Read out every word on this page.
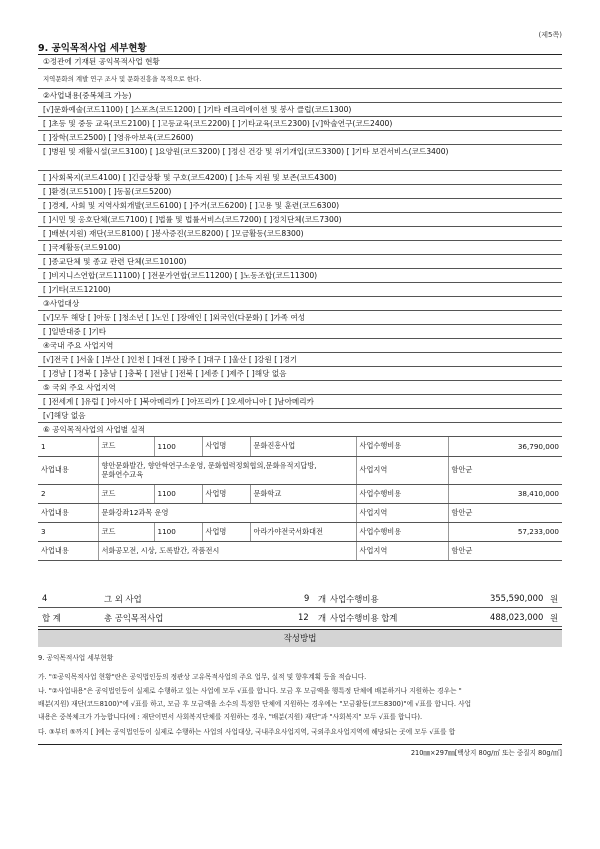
(제5쪽)
9. 공익목적사업 세부현황
①정관에 기재된 공익목적사업 현황
지역문화의 계발 연구 조사 및 문화진흥을 목적으로 한다.
②사업내용(중복체크 가능)
[√]문화예술(코드1100) [ ]스포츠(코드1200) [ ]기타 레크리에이션 및 봉사 클럽(코드1300)
[ ]초등 및 중등 교육(코드2100) [ ]고등교육(코드2200) [ ]기타교육(코드2300) [√]학술연구(코드2400)
[ ]장학(코드2500) [ ]영유아보육(코드2600)
[ ]병원 및 재활시설(코드3100) [ ]요양원(코드3200) [ ]정신 건강 및 위기개입(코드3300) [ ]기타 보건서비스(코드3400)
[ ]사회복지(코드4100) [ ]긴급상황 및 구호(코드4200) [ ]소득 지원 및 보존(코드4300)
[ ]환경(코드5100) [ ]동물(코드5200)
[ ]경제, 사회 및 지역사회개발(코드6100) [ ]주거(코드6200) [ ]고용 및 훈련(코드6300)
[ ]시민 및 옹호단체(코드7100) [ ]법률 및 법률서비스(코드7200) [ ]정치단체(코드7300)
[ ]배분(지원) 재단(코드8100) [ ]봉사증진(코드8200) [ ]모금활동(코드8300)
[ ]국제활동(코드9100)
[ ]종교단체 및 종교 관련 단체(코드10100)
[ ]비지니스연합(코드11100) [ ]전문가연합(코드11200) [ ]노동조합(코드11300)
[ ]기타(코드12100)
③사업대상
[√]모두 해당 [ ]아동 [ ]청소년 [ ]노인 [ ]장애인 [ ]외국인(다문화) [ ]가족 여성
[ ]일반대중 [ ]기타
④국내 주요 사업지역
[√]전국 [ ]서울 [ ]부산 [ ]인천 [ ]대전 [ ]광주 [ ]대구 [ ]울산 [ ]강원 [ ]경기
[ ]경남 [ ]경북 [ ]충남 [ ]충북 [ ]전남 [ ]전북 [ ]세종 [ ]제주 [ ]해당 없음
⑤ 국외 주요 사업지역
[ ]전세계 [ ]유럽 [ ]아시아 [ ]북아메리카 [ ]아프리카 [ ]오세아니아 [ ]남아메리카
[√]해당 없음
⑥ 공익목적사업의 사업별 실적
1	코드	1100	사업명	문화진흥사업	사업수행비용	36,790,000
사업내용	향안문화발간, 향안학연구소운영, 문화협력정회협의,문화유적지답방,
문화연수교육				사업지역	함안군
2	코드	1100	사업명	문화학교	사업수행비용	38,410,000
사업내용	문화강좌12과목 운영				사업지역	함안군
3	코드	1100	사업명	아라가야전국서화대전	사업수행비용	57,233,000
사업내용	서화공모전, 시상, 도록발간, 작품전시				사업지역	함안군
4	그 외 사업	9 개 사업수행비용	355,590,000 원
합 계	총 공익목적사업	12 개 사업수행비용 합계	488,023,000 원
작성방법
9. 공익목적사업 세부현황
가. "①공익목적사업 현황"란은 공익법인등의 정관상 고유목적사업의 주요 업무, 실적 및 향후계획 등을 적습니다.
나. "②사업내용"은 공익법인등이 실제로 수행하고 있는 사업에 모두 √표를 합니다. 모금 후 모금액을 행특정 단체에 배분하거나 지원하는 경우는 "
배분(지원) 재단(코드8100)"에 √표를 하고, 모금 후 모금액을 소수의 특정한 단체에 지원하는 경우에는 "모금활동(코드8300)"에 √표를 합니다. 사업
내용은 중복체크가 가능합니다(예 : 재단이면서 사회복지단체를 지원하는 경우, "배분(지원) 재단"과 "사회복지" 모두 √표를 합니다).
다. ③부터 ⑤까지 [ ]에는 공익법인등이 실제로 수행하는 사업의 사업대상, 국내주요사업지역, 국외주요사업지역에 해당되는 곳에 모두 √표를 합
210㎜×297㎜[백상지 80g/㎡ 또는 중질지 80g/㎡]
